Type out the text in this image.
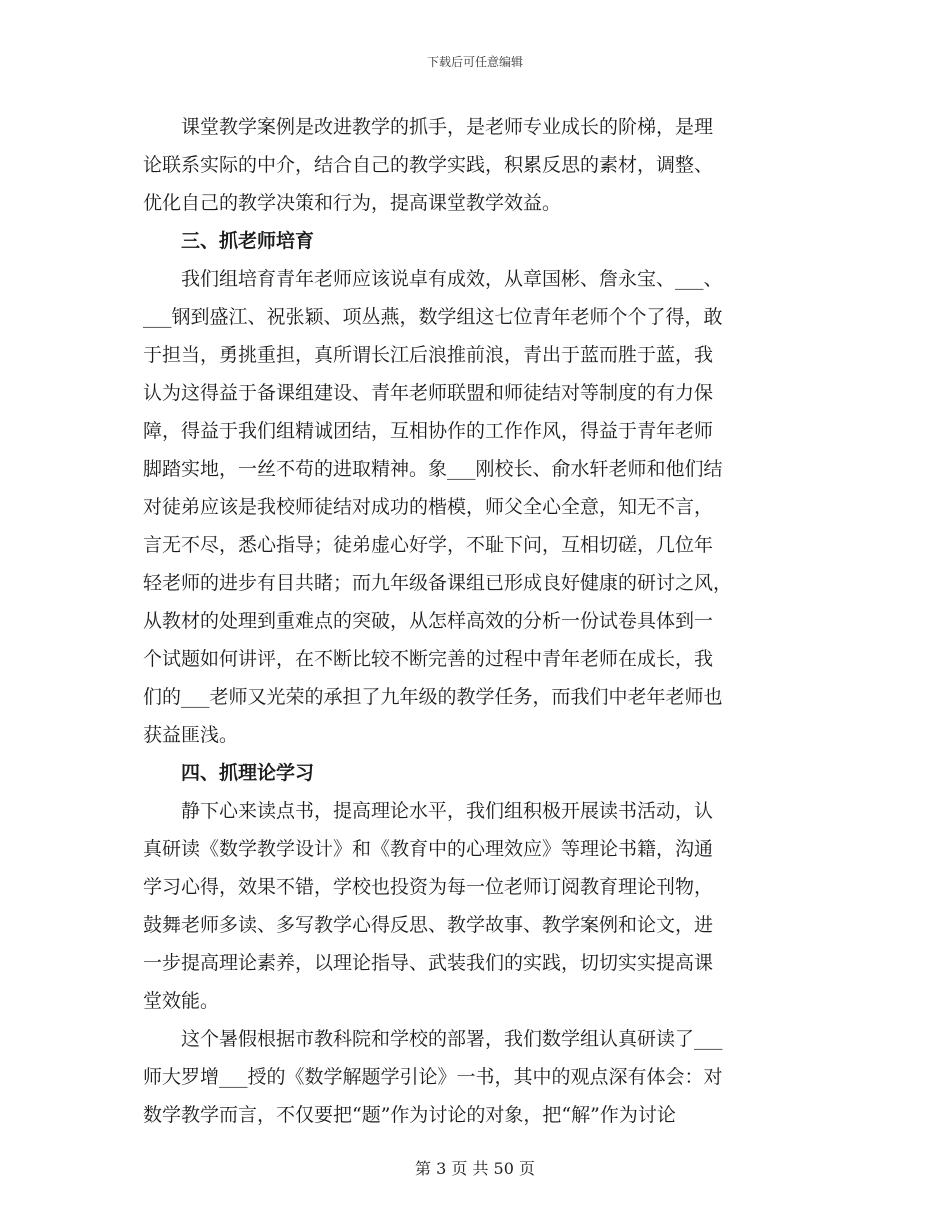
下载后可任意编辑
　　课堂教学案例是改进教学的抓手，是老师专业成长的阶梯，是理
论联系实际的中介，结合自己的教学实践，积累反思的素材，调整、
优化自己的教学决策和行为，提高课堂教学效益。
　　三、抓老师培育
　　我们组培育青年老师应该说卓有成效，从章国彬、詹永宝、___、
___钢到盛江、祝张颖、项丛燕，数学组这七位青年老师个个了得，敢
于担当，勇挑重担，真所谓长江后浪推前浪，青出于蓝而胜于蓝，我
认为这得益于备课组建设、青年老师联盟和师徒结对等制度的有力保
障，得益于我们组精诚团结，互相协作的工作作风，得益于青年老师
脚踏实地，一丝不苟的进取精神。象___刚校长、俞水轩老师和他们结
对徒弟应该是我校师徒结对成功的楷模，师父全心全意，知无不言，
言无不尽，悉心指导；徒弟虚心好学，不耻下问，互相切磋，几位年
轻老师的进步有目共睹；而九年级备课组已形成良好健康的研讨之风，
从教材的处理到重难点的突破，从怎样高效的分析一份试卷具体到一
个试题如何讲评，在不断比较不断完善的过程中青年老师在成长，我
们的___老师又光荣的承担了九年级的教学任务，而我们中老年老师也
获益匪浅。
　　四、抓理论学习
　　静下心来读点书，提高理论水平，我们组积极开展读书活动，认
真研读《数学教学设计》和《教育中的心理效应》等理论书籍，沟通
学习心得，效果不错，学校也投资为每一位老师订阅教育理论刊物，
鼓舞老师多读、多写教学心得反思、教学故事、教学案例和论文，进
一步提高理论素养，以理论指导、武装我们的实践，切切实实提高课
堂效能。
　　这个暑假根据市教科院和学校的部署，我们数学组认真研读了___
师大罗增___授的《数学解题学引论》一书，其中的观点深有体会：对
数学教学而言，不仅要把“题”作为讨论的对象，把“解”作为讨论
第 3 页 共 50 页
